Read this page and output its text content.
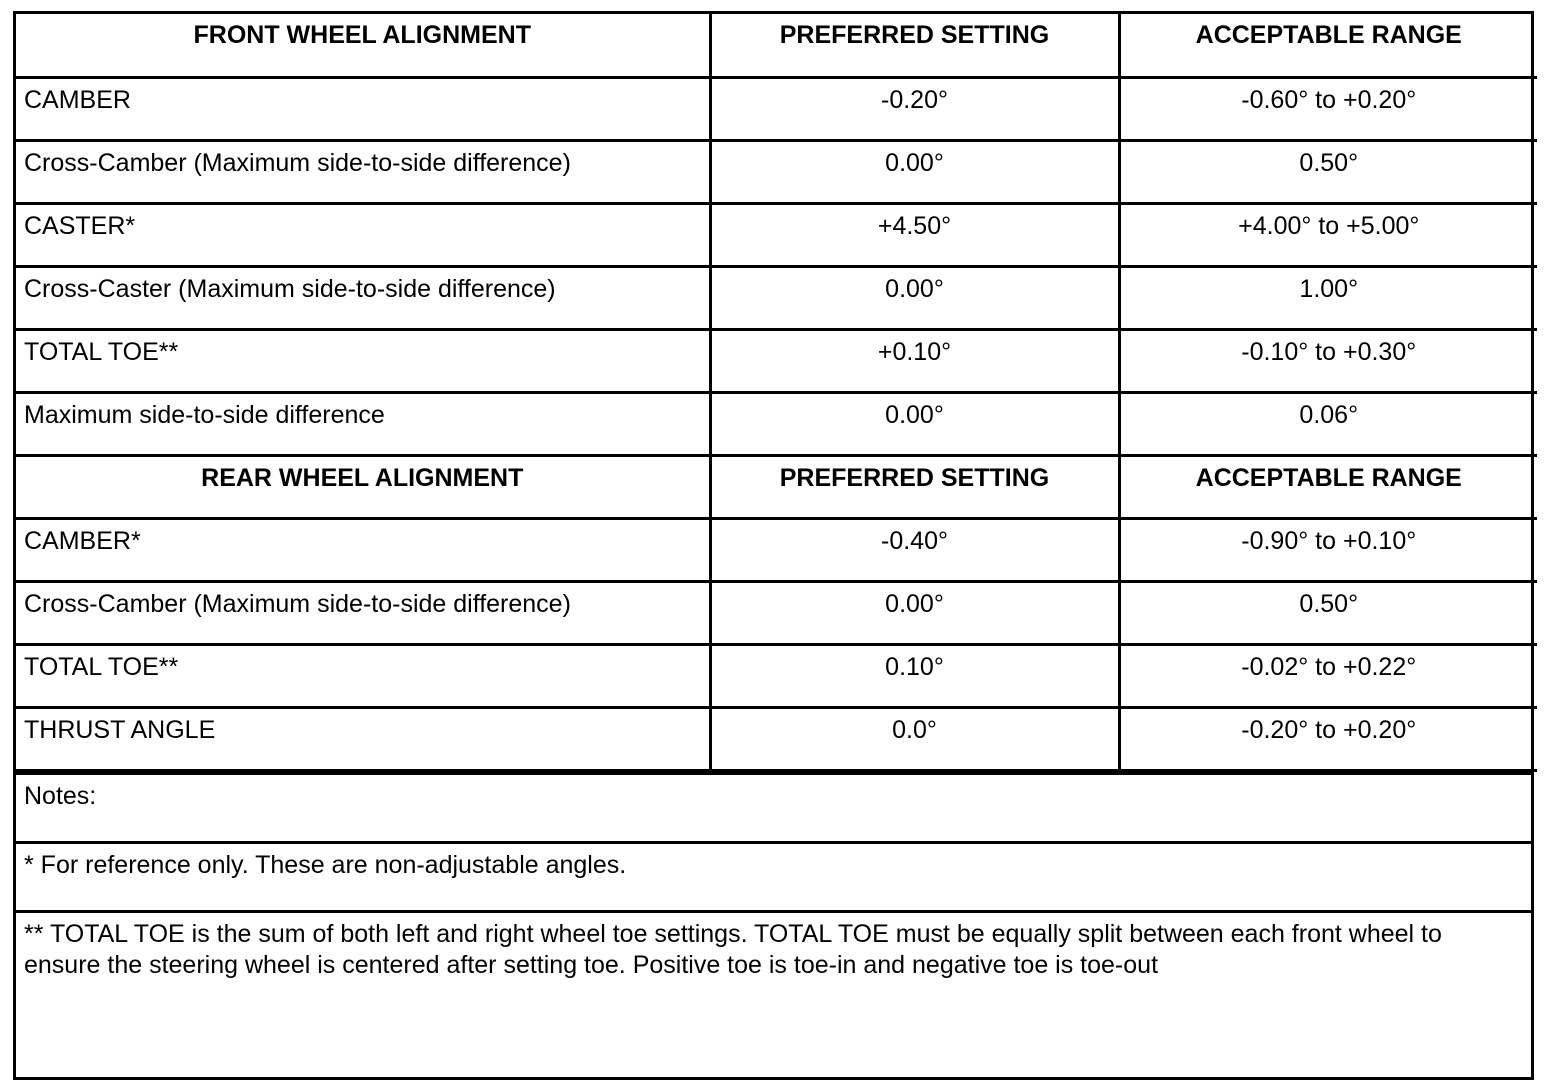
FRONT WHEEL ALIGNMENT	PREFERRED SETTING	ACCEPTABLE RANGE
CAMBER	-0.20°	-0.60° to +0.20°
Cross-Camber (Maximum side-to-side difference)	0.00°	0.50°
CASTER*	+4.50°	+4.00° to +5.00°
Cross-Caster (Maximum side-to-side difference)	0.00°	1.00°
TOTAL TOE**	+0.10°	-0.10° to +0.30°
Maximum side-to-side difference	0.00°	0.06°
REAR WHEEL ALIGNMENT	PREFERRED SETTING	ACCEPTABLE RANGE
CAMBER*	-0.40°	-0.90° to +0.10°
Cross-Camber (Maximum side-to-side difference)	0.00°	0.50°
TOTAL TOE**	0.10°	-0.02° to +0.22°
THRUST ANGLE	0.0°	-0.20° to +0.20°
Notes:
* For reference only. These are non-adjustable angles.
** TOTAL TOE is the sum of both left and right wheel toe settings. TOTAL TOE must be equally split between each front wheel to ensure the steering wheel is centered after setting toe. Positive toe is toe-in and negative toe is toe-out
